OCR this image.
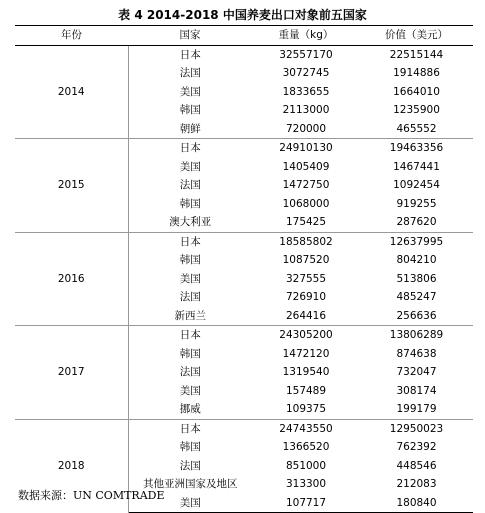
表 4 2014-2018 中国养麦出口对象前五国家
年份	国家	重量（kg）	价值（美元）
2014	日本	32557170	22515144
	法国	3072745	1914886
	美国	1833655	1664010
	韩国	2113000	1235900
	朝鲜	720000	465552
2015	日本	24910130	19463356
	美国	1405409	1467441
	法国	1472750	1092454
	韩国	1068000	919255
	澳大利亚	175425	287620
2016	日本	18585802	12637995
	韩国	1087520	804210
	美国	327555	513806
	法国	726910	485247
	新西兰	264416	256636
2017	日本	24305200	13806289
	韩国	1472120	874638
	法国	1319540	732047
	美国	157489	308174
	挪威	109375	199179
2018	日本	24743550	12950023
	韩国	1366520	762392
	法国	851000	448546
	其他亚洲国家及地区	313300	212083
	美国	107717	180840
数据来源：UN COMTRADE
